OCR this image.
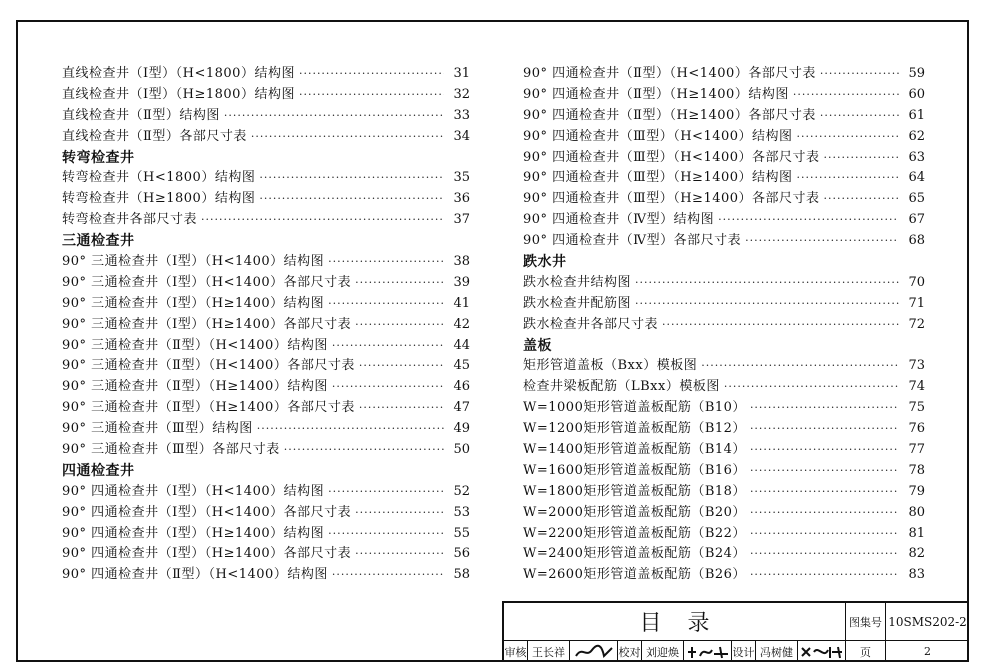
直线检查井（Ⅰ型）（H<1800）结构图 ·····	31
直线检查井（Ⅰ型）（H≥1800）结构图 ·····	32
直线检查井（Ⅱ型）结构图 ·····	33
直线检查井（Ⅱ型）各部尺寸表 ·····	34
转弯检查井
转弯检查井（H<1800）结构图 ·····	35
转弯检查井（H≥1800）结构图 ·····	36
转弯检查井各部尺寸表 ·····	37
三通检查井
90° 三通检查井（Ⅰ型）（H<1400）结构图 ·····	38
90° 三通检查井（Ⅰ型）（H<1400）各部尺寸表 ·····	39
90° 三通检查井（Ⅰ型）（H≥1400）结构图 ·····	41
90° 三通检查井（Ⅰ型）（H≥1400）各部尺寸表 ·····	42
90° 三通检查井（Ⅱ型）（H<1400）结构图 ·····	44
90° 三通检查井（Ⅱ型）（H<1400）各部尺寸表 ·····	45
90° 三通检查井（Ⅱ型）（H≥1400）结构图 ·····	46
90° 三通检查井（Ⅱ型）（H≥1400）各部尺寸表 ·····	47
90° 三通检查井（Ⅲ型）结构图 ·····	49
90° 三通检查井（Ⅲ型）各部尺寸表 ·····	50
四通检查井
90° 四通检查井（Ⅰ型）（H<1400）结构图 ·····	52
90° 四通检查井（Ⅰ型）（H<1400）各部尺寸表 ·····	53
90° 四通检查井（Ⅰ型）（H≥1400）结构图 ·····	55
90° 四通检查井（Ⅰ型）（H≥1400）各部尺寸表 ·····	56
90° 四通检查井（Ⅱ型）（H<1400）结构图 ·····	58
90° 四通检查井（Ⅱ型）（H<1400）各部尺寸表 ·····	59
90° 四通检查井（Ⅱ型）（H≥1400）结构图 ·····	60
90° 四通检查井（Ⅱ型）（H≥1400）各部尺寸表 ·····	61
90° 四通检查井（Ⅲ型）（H<1400）结构图 ·····	62
90° 四通检查井（Ⅲ型）（H<1400）各部尺寸表 ·····	63
90° 四通检查井（Ⅲ型）（H≥1400）结构图 ·····	64
90° 四通检查井（Ⅲ型）（H≥1400）各部尺寸表 ·····	65
90° 四通检查井（Ⅳ型）结构图 ·····	67
90° 四通检查井（Ⅳ型）各部尺寸表 ·····	68
跌水井
跌水检查井结构图 ·····	70
跌水检查井配筋图 ·····	71
跌水检查井各部尺寸表 ·····	72
盖板
矩形管道盖板（Bxx）模板图 ·····	73
检查井梁板配筋（LBxx）模板图 ·····	74
W=1000矩形管道盖板配筋（B10） ·····	75
W=1200矩形管道盖板配筋（B12） ·····	76
W=1400矩形管道盖板配筋（B14） ·····	77
W=1600矩形管道盖板配筋（B16） ·····	78
W=1800矩形管道盖板配筋（B18） ·····	79
W=2000矩形管道盖板配筋（B20） ·····	80
W=2200矩形管道盖板配筋（B22） ·····	81
W=2400矩形管道盖板配筋（B24） ·····	82
W=2600矩形管道盖板配筋（B26） ·····	83
目录	图集号 10SMS202-2
审核 王长祥	校对 刘迎焕	设计 冯树健	页	2
